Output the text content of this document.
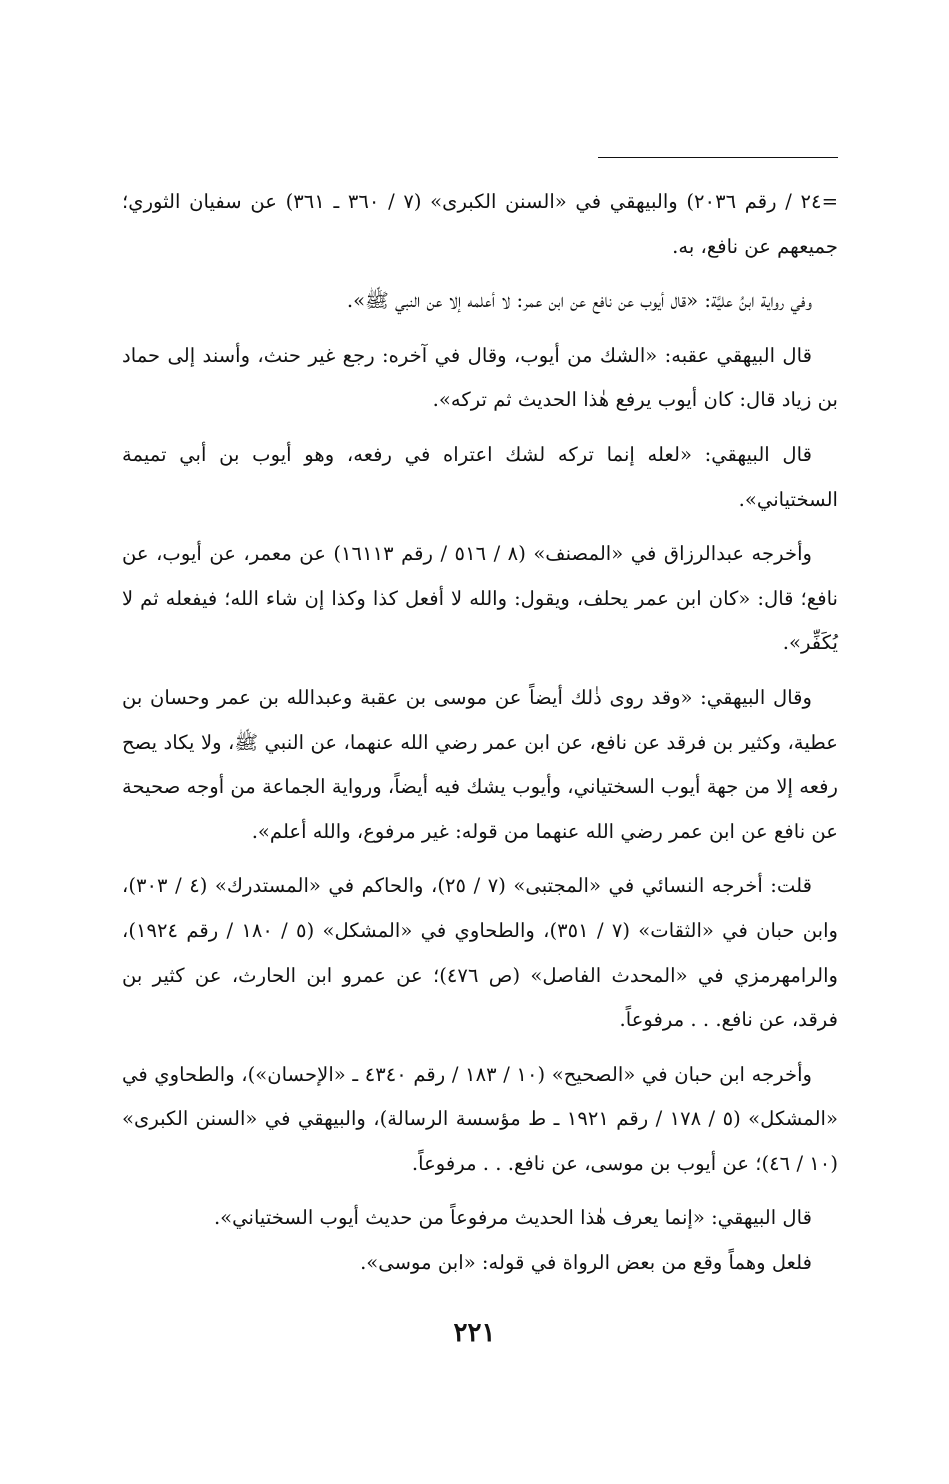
=٢٤ / رقم ٢٠٣٦) والبيهقي في «السنن الكبرى» (٧ / ٣٦٠ ـ ٣٦١) عن سفيان الثوري؛ جميعهم عن نافع، به.

وفي رواية ابنُ عليَّة: «قال أيوب عن نافع عن ابن عمر: لا أعلمه إلا عن النبي ﷺ».

قال البيهقي عقبه: «الشك من أيوب، وقال في آخره: رجع غير حنث، وأسند إلى حماد بن زياد قال: كان أيوب يرفع هٰذا الحديث ثم تركه».

قال البيهقي: «لعله إنما تركه لشك اعتراه في رفعه، وهو أيوب بن أبي تميمة السختياني».

وأخرجه عبدالرزاق في «المصنف» (٨ / ٥١٦ / رقم ١٦١١٣) عن معمر، عن أيوب، عن نافع؛ قال: «كان ابن عمر يحلف، ويقول: والله لا أفعل كذا وكذا إن شاء الله؛ فيفعله ثم لا يُكَفِّر».

وقال البيهقي: «وقد روى ذٰلك أيضاً عن موسى بن عقبة وعبدالله بن عمر وحسان بن عطية، وكثير بن فرقد عن نافع، عن ابن عمر رضي الله عنهما، عن النبي ﷺ، ولا يكاد يصح رفعه إلا من جهة أيوب السختياني، وأيوب يشك فيه أيضاً، ورواية الجماعة من أوجه صحيحة عن نافع عن ابن عمر رضي الله عنهما من قوله: غير مرفوع، والله أعلم».

قلت: أخرجه النسائي في «المجتبى» (٧ / ٢٥)، والحاكم في «المستدرك» (٤ / ٣٠٣)، وابن حبان في «الثقات» (٧ / ٣٥١)، والطحاوي في «المشكل» (٥ / ١٨٠ / رقم ١٩٢٤)، والرامهرمزي في «المحدث الفاصل» (ص ٤٧٦)؛ عن عمرو ابن الحارث، عن كثير بن فرقد، عن نافع. . . مرفوعاً.

وأخرجه ابن حبان في «الصحيح» (١٠ / ١٨٣ / رقم ٤٣٤٠ ـ «الإحسان»)، والطحاوي في «المشكل» (٥ / ١٧٨ / رقم ١٩٢١ ـ ط مؤسسة الرسالة)، والبيهقي في «السنن الكبرى» (١٠ / ٤٦)؛ عن أيوب بن موسى، عن نافع. . . مرفوعاً.

قال البيهقي: «إنما يعرف هٰذا الحديث مرفوعاً من حديث أيوب السختياني».

فلعل وهماً وقع من بعض الرواة في قوله: «ابن موسى».

٢٢١
